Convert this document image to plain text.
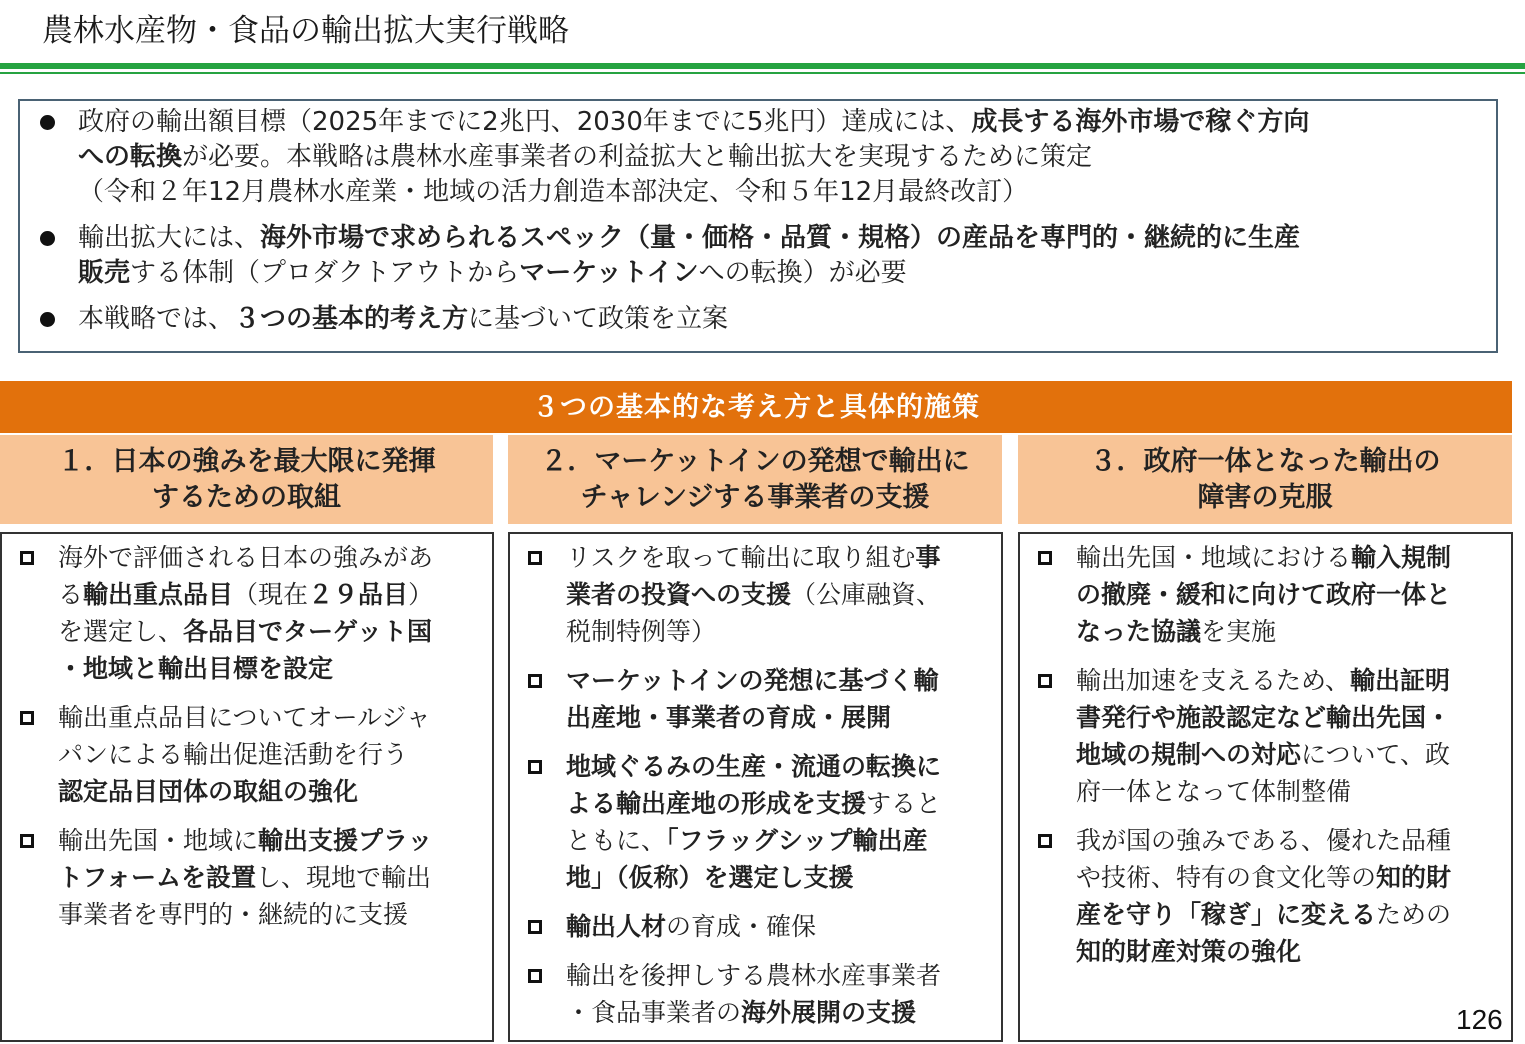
農林水産物・食品の輸出拡大実行戦略
政府の輸出額目標（2025年までに2兆円、2030年までに5兆円）達成には、成長する海外市場で稼ぐ方向
への転換が必要。本戦略は農林水産事業者の利益拡大と輸出拡大を実現するために策定
（令和２年12月農林水産業・地域の活力創造本部決定、令和５年12月最終改訂）
輸出拡大には、海外市場で求められるスペック（量・価格・品質・規格）の産品を専門的・継続的に生産
販売する体制（プロダクトアウトからマーケットインへの転換）が必要
本戦略では、３つの基本的考え方に基づいて政策を立案
３つの基本的な考え方と具体的施策
１．日本の強みを最大限に発揮
するための取組
２．マーケットインの発想で輸出に
チャレンジする事業者の支援
３．政府一体となった輸出の
障害の克服
海外で評価される日本の強みがあ
る輸出重点品目（現在２９品目）
を選定し、各品目でターゲット国
・地域と輸出目標を設定
輸出重点品目についてオールジャ
パンによる輸出促進活動を行う
認定品目団体の取組の強化
輸出先国・地域に輸出支援プラッ
トフォームを設置し、現地で輸出
事業者を専門的・継続的に支援
リスクを取って輸出に取り組む事
業者の投資への支援（公庫融資、
税制特例等）
マーケットインの発想に基づく輸
出産地・事業者の育成・展開
地域ぐるみの生産・流通の転換に
よる輸出産地の形成を支援すると
ともに、「フラッグシップ輸出産
地」（仮称）を選定し支援
輸出人材の育成・確保
輸出を後押しする農林水産事業者
・食品事業者の海外展開の支援
輸出先国・地域における輸入規制
の撤廃・緩和に向けて政府一体と
なった協議を実施
輸出加速を支えるため、輸出証明
書発行や施設認定など輸出先国・
地域の規制への対応について、政
府一体となって体制整備
我が国の強みである、優れた品種
や技術、特有の食文化等の知的財
産を守り「稼ぎ」に変えるための
知的財産対策の強化
126
